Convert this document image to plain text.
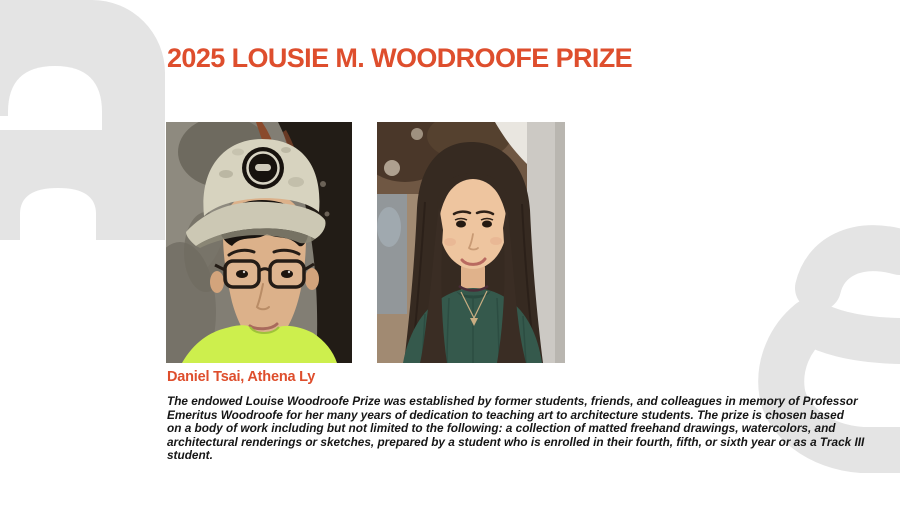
2025 LOUSIE M. WOODROOFE PRIZE
Daniel Tsai, Athena Ly
The endowed Louise Woodroofe Prize was established by former students, friends, and colleagues in memory of Professor
Emeritus Woodroofe for her many years of dedication to teaching art to architecture students. The prize is chosen based
on a body of work including but not limited to the following: a collection of matted freehand drawings, watercolors, and
architectural renderings or sketches, prepared by a student who is enrolled in their fourth, fifth, or sixth year or as a Track III
student.
